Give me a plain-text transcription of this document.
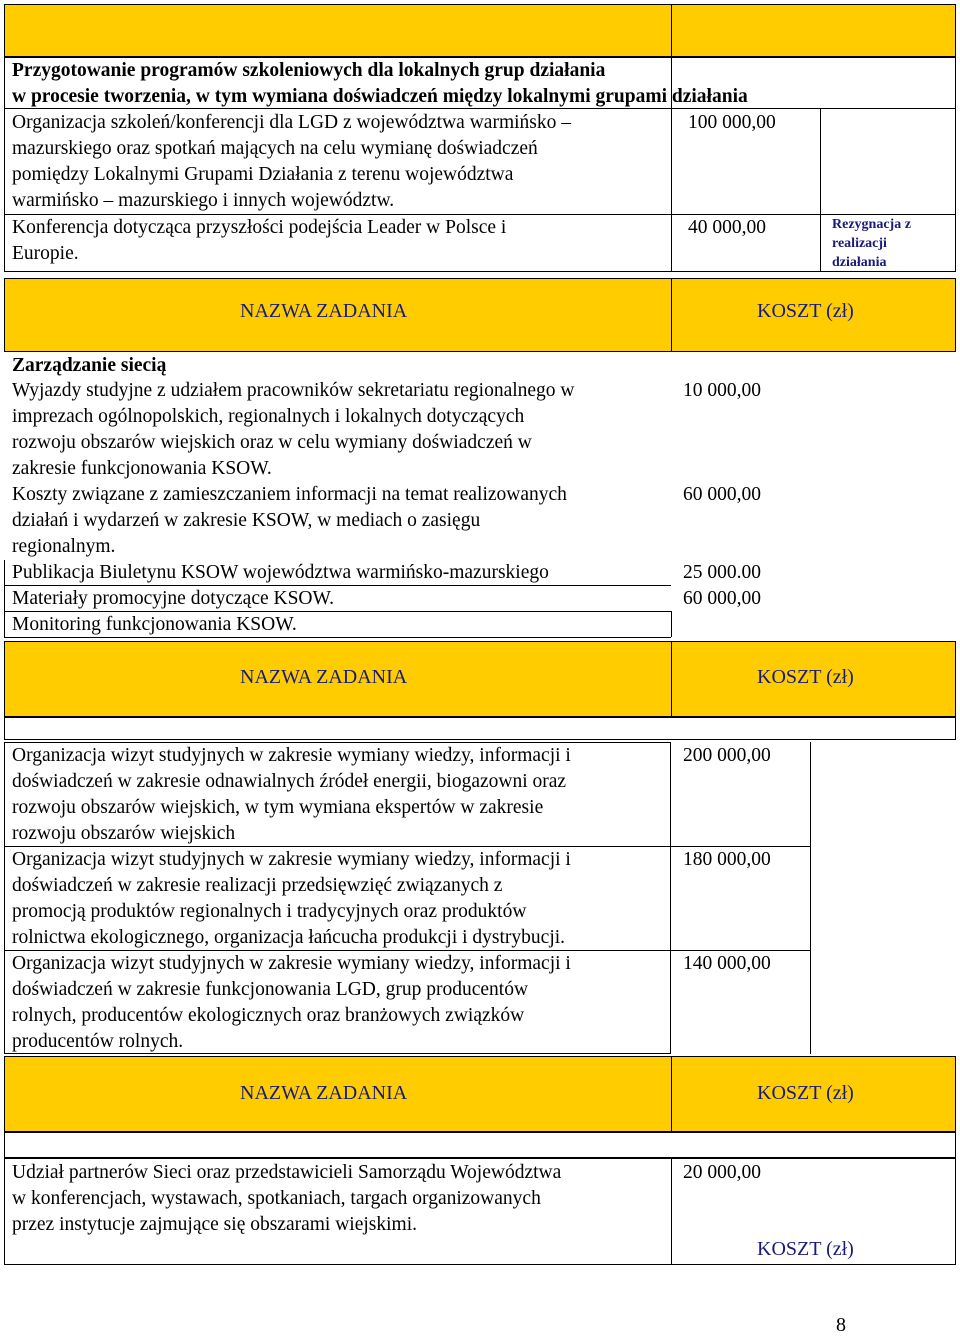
Przygotowanie programów szkoleniowych dla lokalnych grup działania
w procesie tworzenia, w tym wymiana doświadczeń między lokalnymi grupami działania
Organizacja szkoleń/konferencji dla LGD z województwa warmińsko –
mazurskiego oraz spotkań mających na celu wymianę doświadczeń
pomiędzy Lokalnymi Grupami Działania z terenu województwa
warmińsko – mazurskiego i innych województw.
100 000,00
Konferencja dotycząca przyszłości podejścia Leader w Polsce i
Europie.
40 000,00	Rezygnacja z
realizacji
działania
NAZWA ZADANIA	KOSZT (zł)
Zarządzanie siecią
Wyjazdy studyjne z udziałem pracowników sekretariatu regionalnego w
imprezach ogólnopolskich, regionalnych i lokalnych dotyczących
rozwoju obszarów wiejskich oraz w celu wymiany doświadczeń w
zakresie funkcjonowania KSOW.
10 000,00
Koszty związane z zamieszczaniem informacji na temat realizowanych
działań i wydarzeń w zakresie KSOW, w mediach o zasięgu
regionalnym.
60 000,00
Publikacja Biuletynu KSOW województwa warmińsko-mazurskiego	25 000.00
Materiały promocyjne dotyczące KSOW.	60 000,00
Monitoring funkcjonowania KSOW.
NAZWA ZADANIA	KOSZT (zł)
Organizacja wizyt studyjnych w zakresie wymiany wiedzy, informacji i
doświadczeń w zakresie odnawialnych źródeł energii, biogazowni oraz
rozwoju obszarów wiejskich, w tym wymiana ekspertów w zakresie
rozwoju obszarów wiejskich
200 000,00
Organizacja wizyt studyjnych w zakresie wymiany wiedzy, informacji i
doświadczeń w zakresie realizacji przedsięwzięć związanych z
promocją produktów regionalnych i tradycyjnych oraz produktów
rolnictwa ekologicznego, organizacja łańcucha produkcji i dystrybucji.
180 000,00
Organizacja wizyt studyjnych w zakresie wymiany wiedzy, informacji i
doświadczeń w zakresie funkcjonowania LGD, grup producentów
rolnych, producentów ekologicznych oraz branżowych związków
producentów rolnych.
140 000,00
NAZWA ZADANIA	KOSZT (zł)
Udział partnerów Sieci oraz przedstawicieli Samorządu Województwa
w konferencjach, wystawach, spotkaniach, targach organizowanych
przez instytucje zajmujące się obszarami wiejskimi.
20 000,00
KOSZT (zł)
8
